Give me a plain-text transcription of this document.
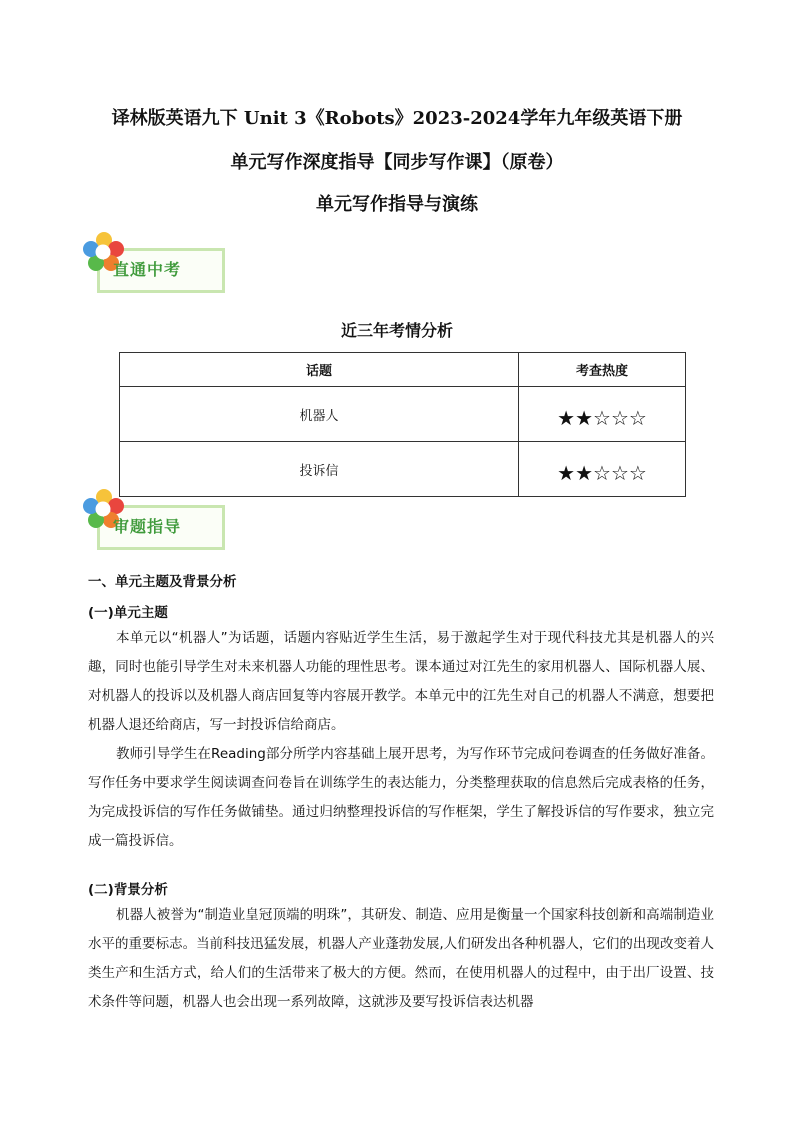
译林版英语九下 Unit 3《Robots》2023-2024学年九年级英语下册
单元写作深度指导【同步写作课】（原卷）
单元写作指导与演练
直通中考
近三年考情分析
话题	考查热度
机器人	★★☆☆☆
投诉信	★★☆☆☆
审题指导
一、单元主题及背景分析
(一)单元主题
本单元以“机器人”为话题，话题内容贴近学生生活，易于激起学生对于现代科技尤其是机器人的兴趣，同时也能引导学生对未来机器人功能的理性思考。课本通过对江先生的家用机器人、国际机器人展、对机器人的投诉以及机器人商店回复等内容展开教学。本单元中的江先生对自己的机器人不满意，想要把机器人退还给商店，写一封投诉信给商店。
教师引导学生在Reading部分所学内容基础上展开思考，为写作环节完成问卷调查的任务做好准备。写作任务中要求学生阅读调查问卷旨在训练学生的表达能力，分类整理获取的信息然后完成表格的任务，为完成投诉信的写作任务做铺垫。通过归纳整理投诉信的写作框架，学生了解投诉信的写作要求，独立完成一篇投诉信。
(二)背景分析
机器人被誉为“制造业皇冠顶端的明珠”，其研发、制造、应用是衡量一个国家科技创新和高端制造业水平的重要标志。当前科技迅猛发展，机器人产业蓬勃发展,人们研发出各种机器人，它们的出现改变着人类生产和生活方式，给人们的生活带来了极大的方便。然而，在使用机器人的过程中，由于出厂设置、技术条件等问题，机器人也会出现一系列故障，这就涉及要写投诉信表达机器
